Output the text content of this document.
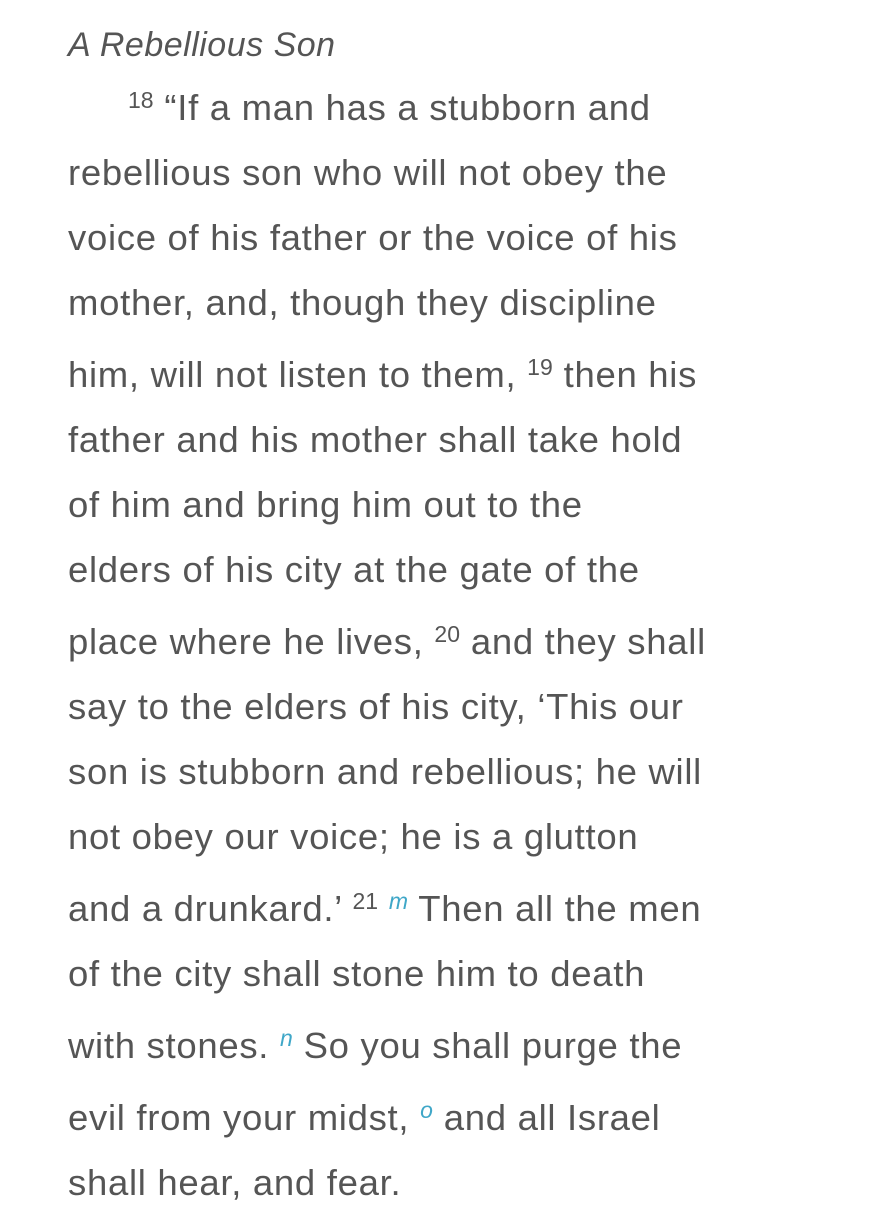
A Rebellious Son
$^{18}$ “If a man has a stubborn and
rebellious son who will not obey the
voice of his father or the voice of his
mother, and, though they discipline
him, will not listen to them, $^{19}$ then his
father and his mother shall take hold
of him and bring him out to the
elders of his city at the gate of the
place where he lives, $^{20}$ and they shall
say to the elders of his city, ‘This our
son is stubborn and rebellious; he will
not obey our voice; he is a glutton
and a drunkard.’ $^{21}$ $^m$ Then all the men
of the city shall stone him to death
with stones. $^n$ So you shall purge the
evil from your midst, $^o$ and all Israel
shall hear, and fear.
